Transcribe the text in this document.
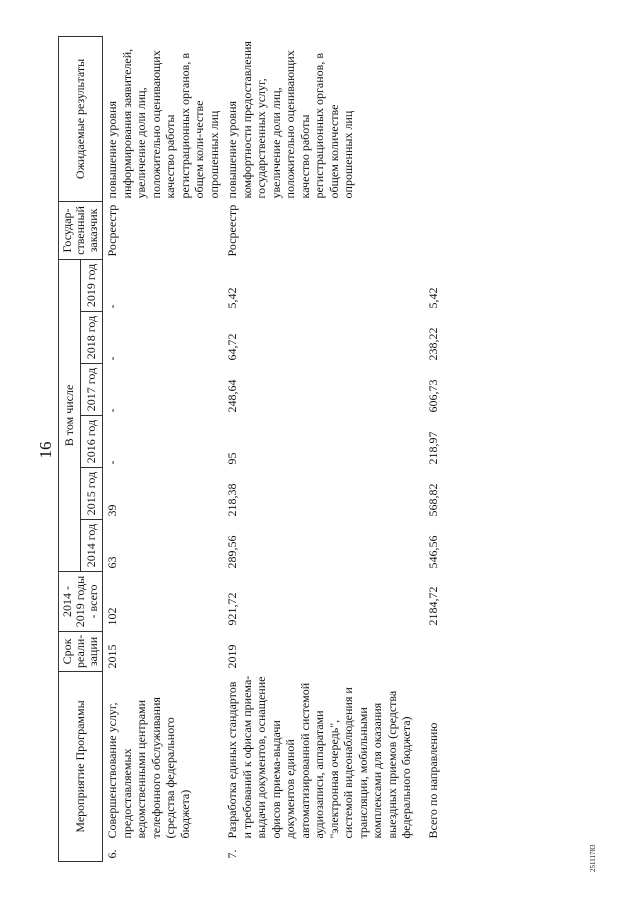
16
25111783
Мероприятие Программы		Срок реали-зации	2014 - 2019 годы - всего	В том числе						Государ-ственный заказчик	Ожидаемые результаты
				2014 год	2015 год	2016 год	2017 год	2018 год	2019 год		
6.	Совершенствование услуг, предоставляемых ведомственными центрами телефонного обслуживания (средства федерального бюджета)	2015	102	63	39	-	-	-	-	Росреестр	повышение уровня информирования заявителей, увеличение доли лиц, положительно оценивающих качество работы регистрационных органов, в общем коли-честве опрошенных лиц
7.	Разработка единых стандартов и требований к офисам приема-выдачи документов, оснащение офисов приема-выдачи документов единой автоматизированной системой аудиозаписи, аппаратами "электронная очередь", системой видеонаблюдения и трансляции, мобильными комплексами для оказания выездных приемов (средства федерального бюджета)	2019	921,72	289,56	218,38	95	248,64	64,72	5,42	Росреестр	повышение уровня комфортности предоставления государственных услуг, увеличение доли лиц, положительно оценивающих качество работы регистрационных органов, в общем количестве опрошенных лиц
	Всего по направлению		2184,72	546,56	568,82	218,97	606,73	238,22	5,42		
